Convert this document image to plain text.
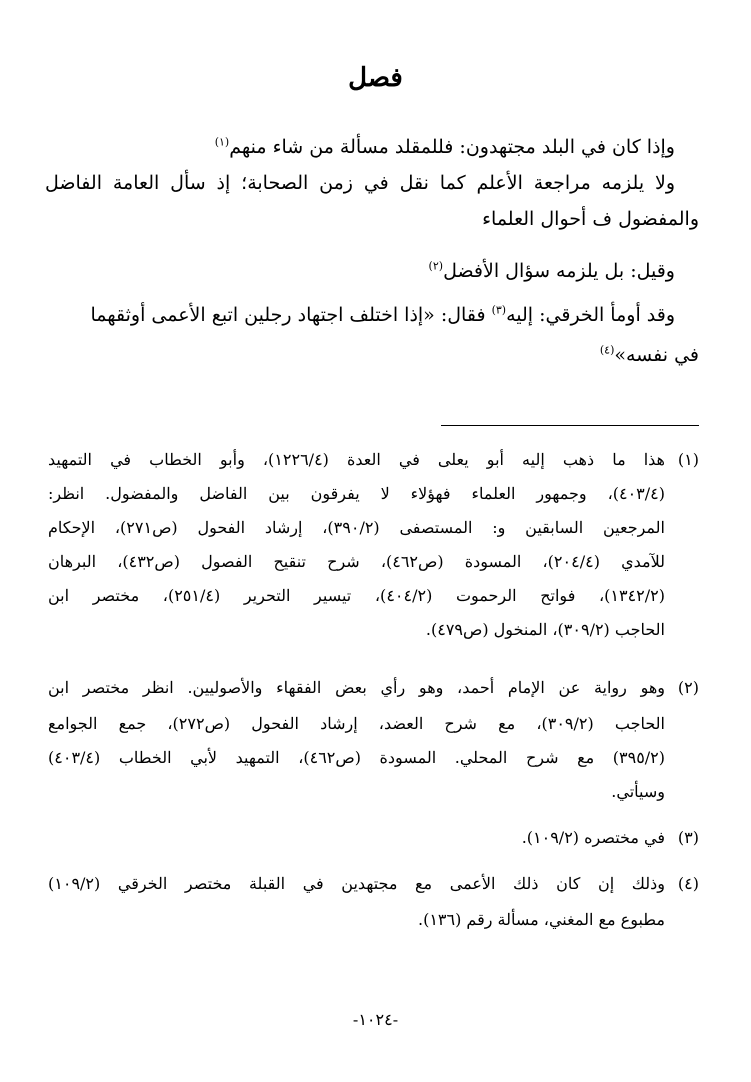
فصل
وإذا كان في البلد مجتهدون: فللمقلد مسألة من شاء منهم$^{(١)}$
ولا يلزمه مراجعة الأعلم كما نقل في زمن الصحابة؛ إذ سأل العامة الفاضل
والمفضول ف أحوال العلماء
وقيل: بل يلزمه سؤال الأفضل$^{(٢)}$
وقد أومأ الخرقي: إليه$^{(٣)}$ فقال: «إذا اختلف اجتهاد رجلين اتبع الأعمى أوثقهما
في نفسه»$^{(٤)}$
(١)هذا ما ذهب إليه أبو يعلى في العدة (١٢٢٦/٤)، وأبو الخطاب في التمهيد
(٤٠٣/٤)، وجمهور العلماء فهؤلاء لا يفرقون بين الفاضل والمفضول. انظر:
المرجعين السابقين و: المستصفى (٣٩٠/٢)، إرشاد الفحول (ص٢٧١)، الإحكام
للآمدي (٢٠٤/٤)، المسودة (ص٤٦٢)، شرح تنقيح الفصول (ص٤٣٢)، البرهان
(١٣٤٢/٢)، فواتح الرحموت (٤٠٤/٢)، تيسير التحرير (٢٥١/٤)، مختصر ابن
الحاجب (٣٠٩/٢)، المنخول (ص٤٧٩).
(٢)وهو رواية عن الإمام أحمد، وهو رأي بعض الفقهاء والأصوليين. انظر مختصر ابن
الحاجب (٣٠٩/٢)، مع شرح العضد، إرشاد الفحول (ص٢٧٢)، جمع الجوامع
(٣٩٥/٢) مع شرح المحلي. المسودة (ص٤٦٢)، التمهيد لأبي الخطاب (٤٠٣/٤)
وسيأتي.
(٣)في مختصره (١٠٩/٢).
(٤)وذلك إن كان ذلك الأعمى مع مجتهدين في القبلة مختصر الخرقي (١٠٩/٢)
مطبوع مع المغني، مسألة رقم (١٣٦).
-١٠٢٤-
